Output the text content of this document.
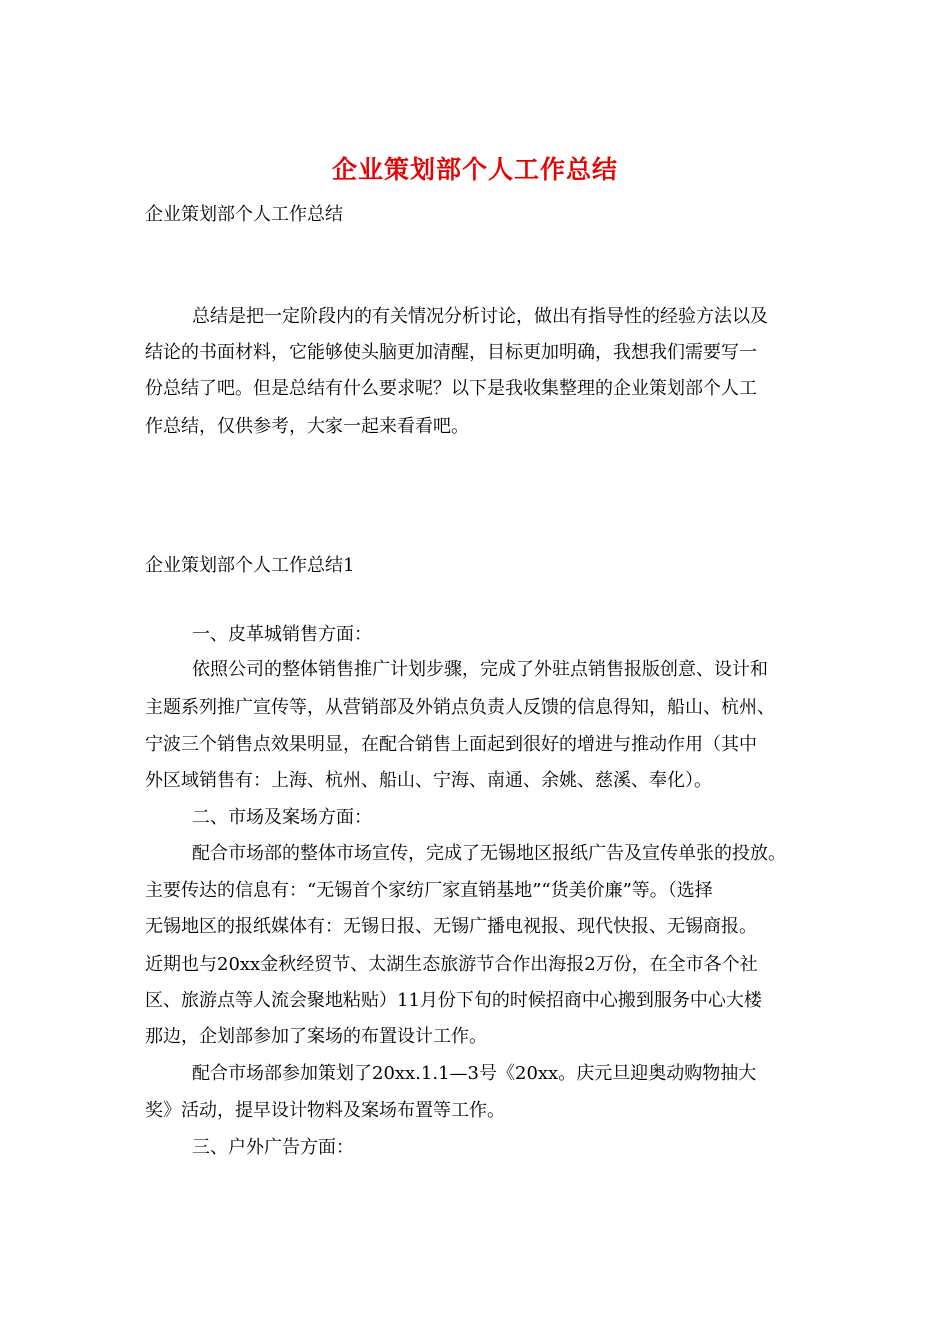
企业策划部个人工作总结
企业策划部个人工作总结
总结是把一定阶段内的有关情况分析讨论，做出有指导性的经验方法以及
结论的书面材料，它能够使头脑更加清醒，目标更加明确，我想我们需要写一
份总结了吧。但是总结有什么要求呢？以下是我收集整理的企业策划部个人工
作总结，仅供参考，大家一起来看看吧。
企业策划部个人工作总结1
一、皮革城销售方面：
依照公司的整体销售推广计划步骤，完成了外驻点销售报版创意、设计和
主题系列推广宣传等，从营销部及外销点负责人反馈的信息得知，船山、杭州、
宁波三个销售点效果明显，在配合销售上面起到很好的增进与推动作用（其中
外区域销售有：上海、杭州、船山、宁海、南通、余姚、慈溪、奉化）。
二、市场及案场方面：
配合市场部的整体市场宣传，完成了无锡地区报纸广告及宣传单张的投放。
主要传达的信息有：“无锡首个家纺厂家直销基地”“货美价廉”等。（选择
无锡地区的报纸媒体有：无锡日报、无锡广播电视报、现代快报、无锡商报。
近期也与20xx金秋经贸节、太湖生态旅游节合作出海报2万份，在全市各个社
区、旅游点等人流会聚地粘贴）11月份下旬的时候招商中心搬到服务中心大楼
那边，企划部参加了案场的布置设计工作。
配合市场部参加策划了20xx.1.1—3号《20xx。庆元旦迎奥动购物抽大
奖》活动，提早设计物料及案场布置等工作。
三、户外广告方面：
